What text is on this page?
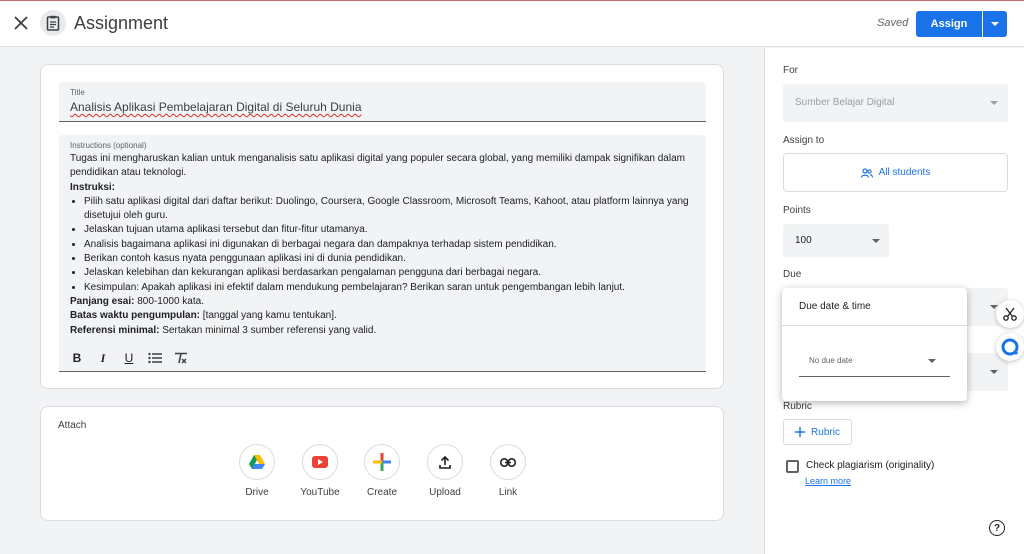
Assignment	Saved	Assign
Title
Analisis Aplikasi Pembelajaran Digital di Seluruh Dunia
Instructions (optional)

Tugas ini mengharuskan kalian untuk menganalisis satu aplikasi digital yang populer secara global, yang memiliki dampak signifikan dalam pendidikan atau teknologi.

Instruksi:

• Pilih satu aplikasi digital dari daftar berikut: Duolingo, Coursera, Google Classroom, Microsoft Teams, Kahoot, atau platform lainnya yang disetujui oleh guru.
• Jelaskan tujuan utama aplikasi tersebut dan fitur-fitur utamanya.
• Analisis bagaimana aplikasi ini digunakan di berbagai negara dan dampaknya terhadap sistem pendidikan.
• Berikan contoh kasus nyata penggunaan aplikasi ini di dunia pendidikan.
• Jelaskan kelebihan dan kekurangan aplikasi berdasarkan pengalaman pengguna dari berbagai negara.
• Kesimpulan: Apakah aplikasi ini efektif dalam mendukung pembelajaran? Berikan saran untuk pengembangan lebih lanjut.

Panjang esai: 800-1000 kata.

Batas waktu pengumpulan: [tanggal yang kamu tentukan].

Referensi minimal: Sertakan minimal 3 sumber referensi yang valid.

B I U
Attach
Drive	YouTube	Create	Upload	Link
For
Sumber Belajar Digital
Assign to
All students
Points
100
Due
Rubric
Rubric
Check plagiarism (originality)
Learn more
?
Due date & time
No due date
